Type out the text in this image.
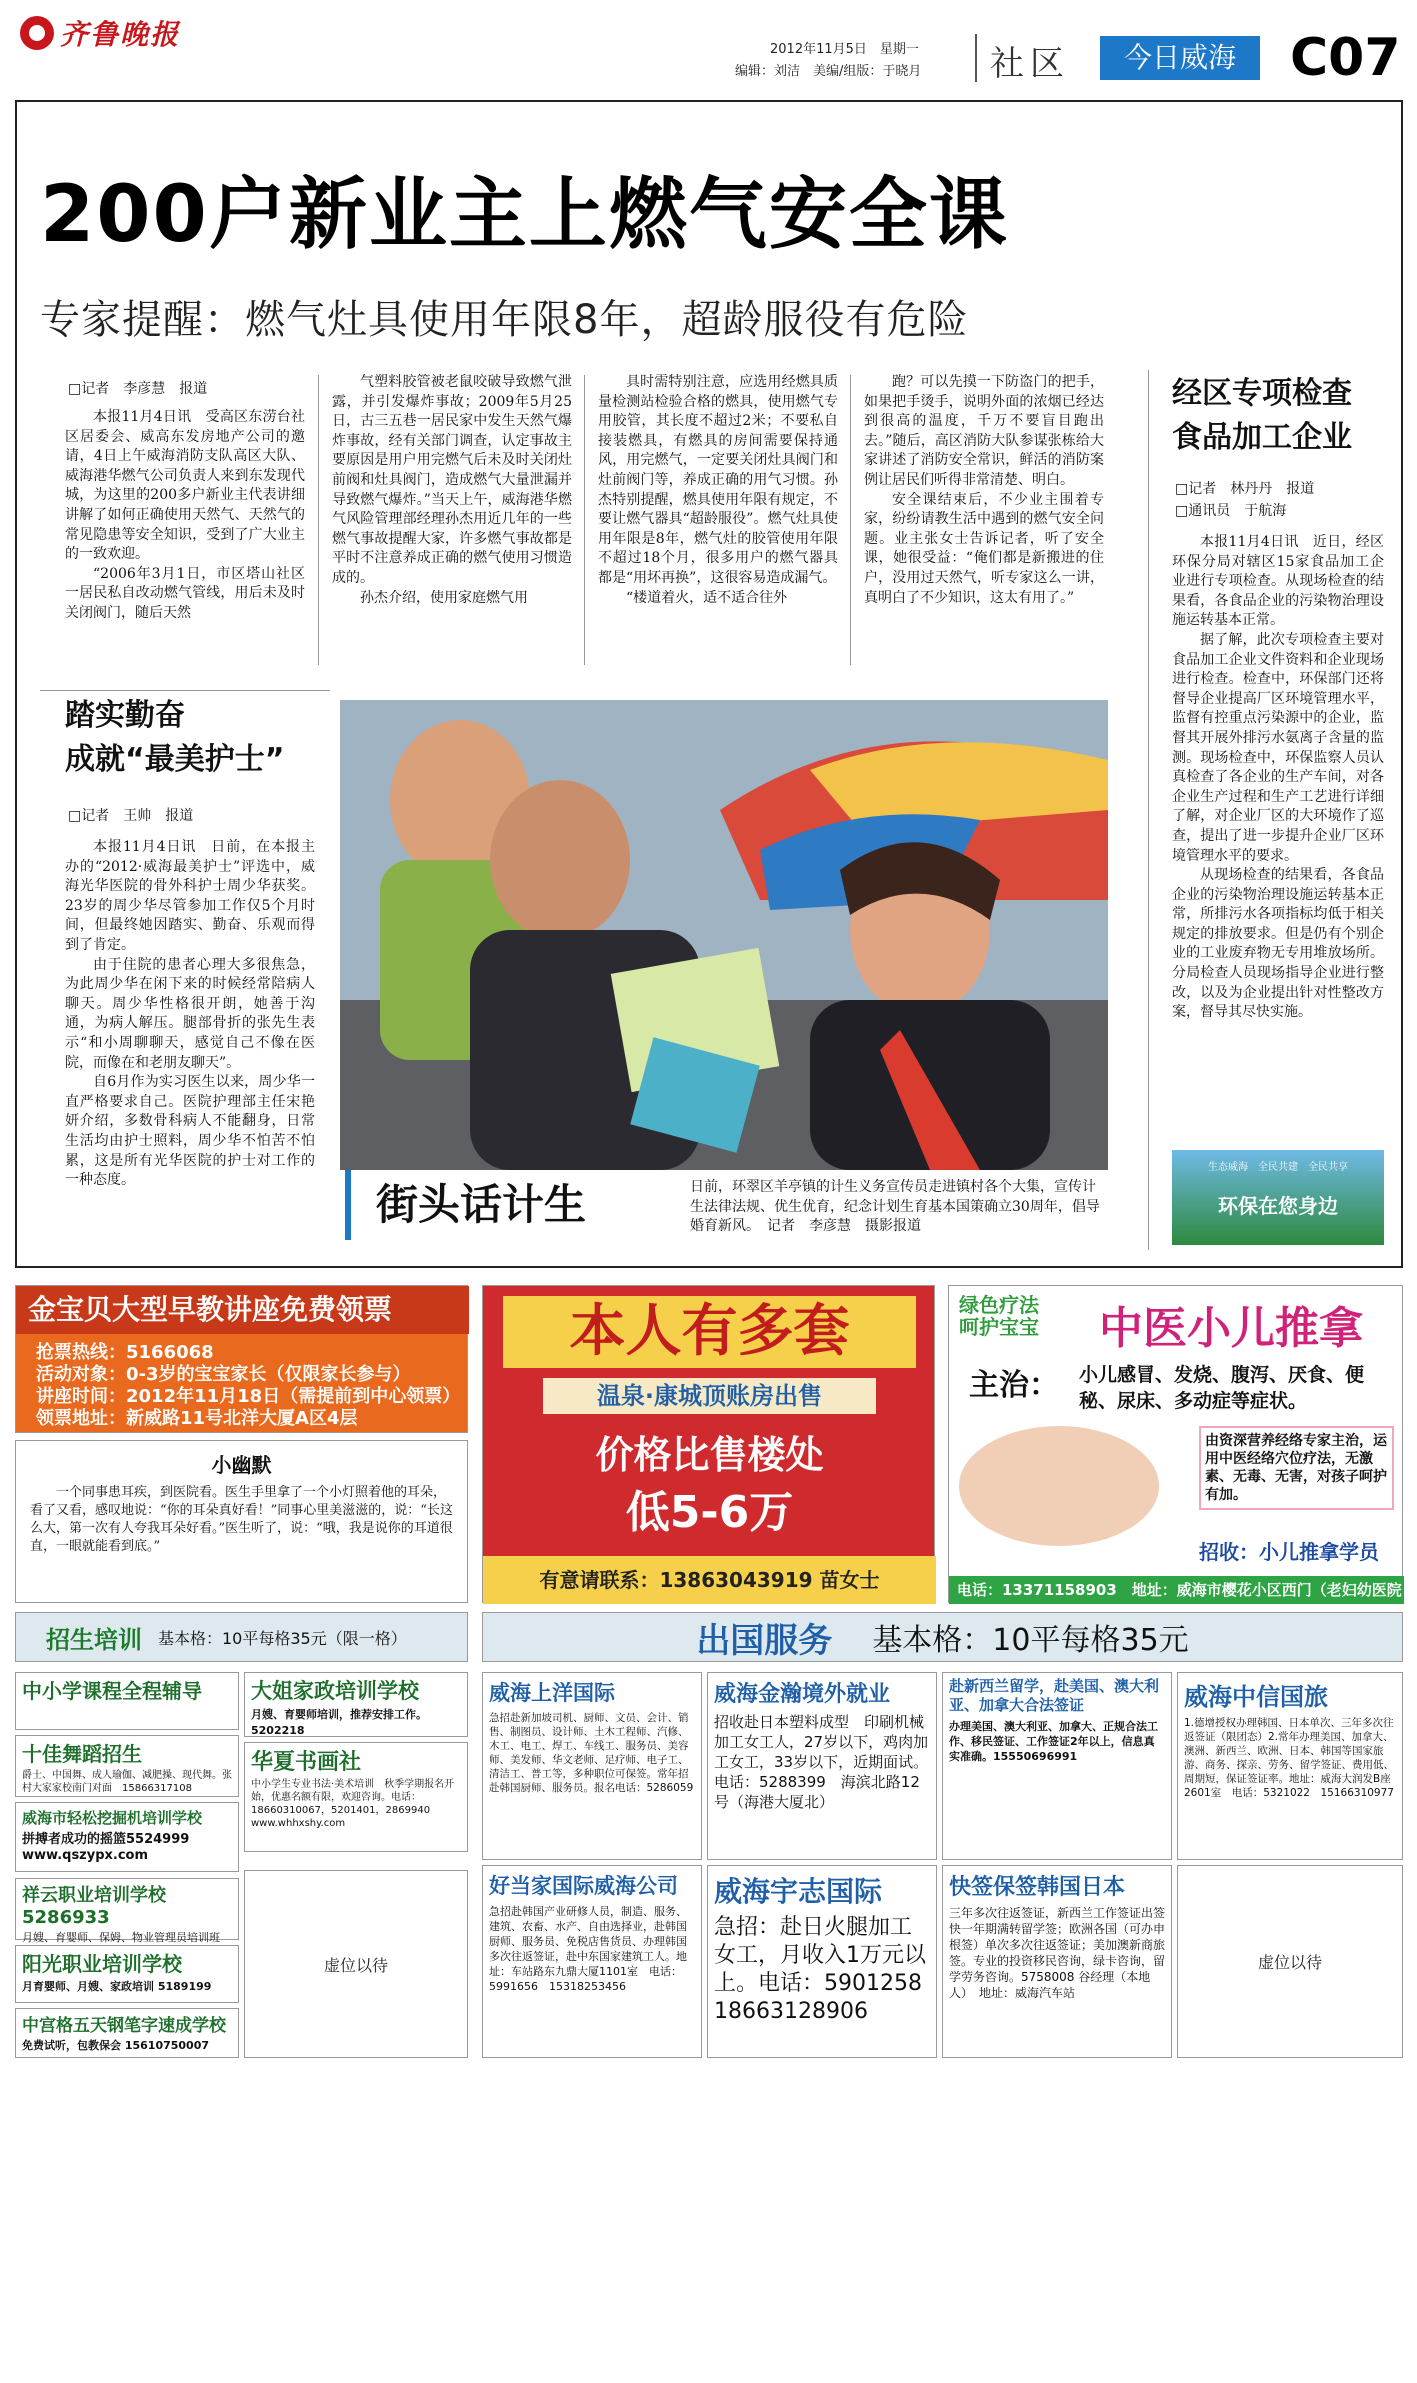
齐鲁晚报	2012年11月5日　星期一
编辑：刘洁　美编/组版：于晓月 社区	今日威海	C07
200户新业主上燃气安全课
专家提醒：燃气灶具使用年限8年，超龄服役有危险
□记者　李彦慧　报道
本报11月4日讯　受高区东涝台社区居委会、威高东发房地产公司的邀请，4日上午威海消防支队高区大队、威海港华燃气公司负责人来到东发现代城，为这里的200多户新业主代表讲细讲解了如何正确使用天然气、天然气的常见隐患等安全知识，受到了广大业主的一致欢迎。
“2006年3月1日，市区塔山社区一居民私自改动燃气管线，用后未及时关闭阀门，随后天然
气塑料胶管被老鼠咬破导致燃气泄露，并引发爆炸事故；2009年5月25日，古三五巷一居民家中发生天然气爆炸事故，经有关部门调查，认定事故主要原因是用户用完燃气后未及时关闭灶前阀和灶具阀门，造成燃气大量泄漏并导致燃气爆炸。”当天上午，威海港华燃气风险管理部经理孙杰用近几年的一些燃气事故提醒大家，许多燃气事故都是平时不注意养成正确的燃气使用习惯造成的。
孙杰介绍，使用家庭燃气用
具时需特别注意，应选用经燃具质量检测站检验合格的燃具，使用燃气专用胶管，其长度不超过2米；不要私自接装燃具，有燃具的房间需要保持通风，用完燃气，一定要关闭灶具阀门和灶前阀门等，养成正确的用气习惯。孙杰特别提醒，燃具使用年限有规定，不要让燃气器具“超龄服役”。燃气灶具使用年限是8年，燃气灶的胶管使用年限不超过18个月，很多用户的燃气器具都是“用坏再换”，这很容易造成漏气。
“楼道着火，适不适合往外
跑？可以先摸一下防盗门的把手，如果把手烫手，说明外面的浓烟已经达到很高的温度，千万不要盲目跑出去。”随后，高区消防大队参谋张栋给大家讲述了消防安全常识，鲜活的消防案例让居民们听得非常清楚、明白。
安全课结束后，不少业主围着专家，纷纷请教生活中遇到的燃气安全问题。业主张女士告诉记者，听了安全课，她很受益：“俺们都是新搬进的住户，没用过天然气，听专家这么一讲，真明白了不少知识，这太有用了。”
踏实勤奋
成就“最美护士”
□记者　王帅　报道
本报11月4日讯　日前，在本报主办的“2012·威海最美护士”评选中，威海光华医院的骨外科护士周少华获奖。23岁的周少华尽管参加工作仅5个月时间，但最终她因踏实、勤奋、乐观而得到了肯定。
由于住院的患者心理大多很焦急，为此周少华在闲下来的时候经常陪病人聊天。周少华性格很开朗，她善于沟通，为病人解压。腿部骨折的张先生表示“和小周聊聊天，感觉自己不像在医院，而像在和老朋友聊天”。
自6月作为实习医生以来，周少华一直严格要求自己。医院护理部主任宋艳妍介绍，多数骨科病人不能翻身，日常生活均由护士照料，周少华不怕苦不怕累，这是所有光华医院的护士对工作的一种态度。
经区专项检查
食品加工企业
□记者　林丹丹　报道
□通讯员　于航海
本报11月4日讯　近日，经区环保分局对辖区15家食品加工企业进行专项检查。从现场检查的结果看，各食品企业的污染物治理设施运转基本正常。
据了解，此次专项检查主要对食品加工企业文件资料和企业现场进行检查。检查中，环保部门还将督导企业提高厂区环境管理水平，监督有控重点污染源中的企业，监督其开展外排污水氨离子含量的监测。现场检查中，环保监察人员认真检查了各企业的生产车间，对各企业生产过程和生产工艺进行详细了解，对企业厂区的大环境作了巡查，提出了进一步提升企业厂区环境管理水平的要求。
从现场检查的结果看，各食品企业的污染物治理设施运转基本正常，所排污水各项指标均低于相关规定的排放要求。但是仍有个别企业的工业废弃物无专用堆放场所。分局检查人员现场指导企业进行整改，以及为企业提出针对性整改方案，督导其尽快实施。
生态威海　全民共建　全民共享
环保在您身边
街头话计生	日前，环翠区羊亭镇的计生义务宣传员走进镇村各个大集，宣传计生法律法规、优生优育，纪念计划生育基本国策确立30周年，倡导婚育新风。　记者　李彦慧　摄影报道
金宝贝大型早教讲座免费领票
抢票热线：5166068
活动对象：0-3岁的宝宝家长（仅限家长参与）
讲座时间：2012年11月18日（需提前到中心领票）
领票地址：新威路11号北洋大厦A区4层
小幽默
一个同事患耳疾，到医院看。医生手里拿了一个小灯照着他的耳朵，看了又看，感叹地说：“你的耳朵真好看！”同事心里美滋滋的，说：“长这么大，第一次有人夸我耳朵好看。”医生听了，说：“哦，我是说你的耳道很直，一眼就能看到底。”
本人有多套
温泉·康城顶账房出售
价格比售楼处
低5-6万
有意请联系：13863043919 苗女士
绿色疗法
呵护宝宝 中医小儿推拿
主治： 小儿感冒、发烧、腹泻、厌食、便秘、尿床、多动症等症状。
由资深营养经络专家主治，运用中医经络穴位疗法，无激素、无毒、无害，对孩子呵护有加。
招收：小儿推拿学员
电话：13371158903　地址：威海市樱花小区西门（老妇幼医院
招生培训 基本格：10平每格35元（限一格）	出国服务 基本格：10平每格35元
中小学课程全程辅导
十佳舞蹈招生
爵士、中国舞、成人瑜伽、减肥操、现代舞。张村大家家校南门对面　15866317108
威海市轻松挖掘机培训学校
拼搏者成功的摇篮5524999　www.qszypx.com
祥云职业培训学校5286933
月嫂、育婴师、保姆、物业管理员培训班
阳光职业培训学校
月育婴师、月嫂、家政培训 5189199
中宫格五天钢笔字速成学校
免费试听，包教保会 15610750007
大姐家政培训学校
月嫂、育婴师培训，推荐安排工作。5202218
华夏书画社
中小学生专业书法·美术培训　秋季学期报名开始，优惠名额有限，欢迎咨询。电话：18660310067，5201401，2869940　www.whhxshy.com
虚位以待
威海上洋国际
急招赴新加坡司机、厨师、文员、会计、销售、制图员、设计师、土木工程师、汽修、木工、电工、焊工、车线工、服务员、美容师、美发师、华文老师、足疗师、电子工、清洁工、普工等，多种职位可保签。常年招赴韩国厨师、服务员。报名电话：5286059
威海金瀚境外就业
招收赴日本塑料成型　印刷机械加工女工人，27岁以下，鸡肉加工女工，33岁以下，近期面试。电话：5288399　海滨北路12号（海港大厦北）
赴新西兰留学，赴美国、澳大利亚、加拿大合法签证
办理美国、澳大利亚、加拿大、正规合法工作、移民签证、工作签证2年以上，信息真实准确。15550696991
威海中信国旅
1.德增授权办理韩国、日本单次、三年多次往返签证（限团态）2.常年办理美国、加拿大、澳洲、新西兰、欧洲、日本、韩国等国家旅游、商务、探亲、劳务、留学签证、费用低、周期短，保证签证率。地址：威海大润发B座2601室　电话：5321022　15166310977
好当家国际威海公司
急招赴韩国产业研修人员，制造、服务、建筑、农畜、水产、自由选择业，赴韩国厨师、服务员、免税店售货员、办理韩国多次往返签证，赴中东国家建筑工人。地址：车站路东九鼎大厦1101室　电话：5991656　15318253456
威海宇志国际
急招：赴日火腿加工女工，月收入1万元以上。电话：5901258　18663128906
快签保签韩国日本
三年多次往返签证，新西兰工作签证出签快一年期满转留学签；欧洲各国（可办申根签）单次多次往返签证；美加澳新商旅签。专业的投资移民咨询，绿卡咨询，留学劳务咨询。5758008 谷经理（本地人）　地址：威海汽车站
虚位以待
